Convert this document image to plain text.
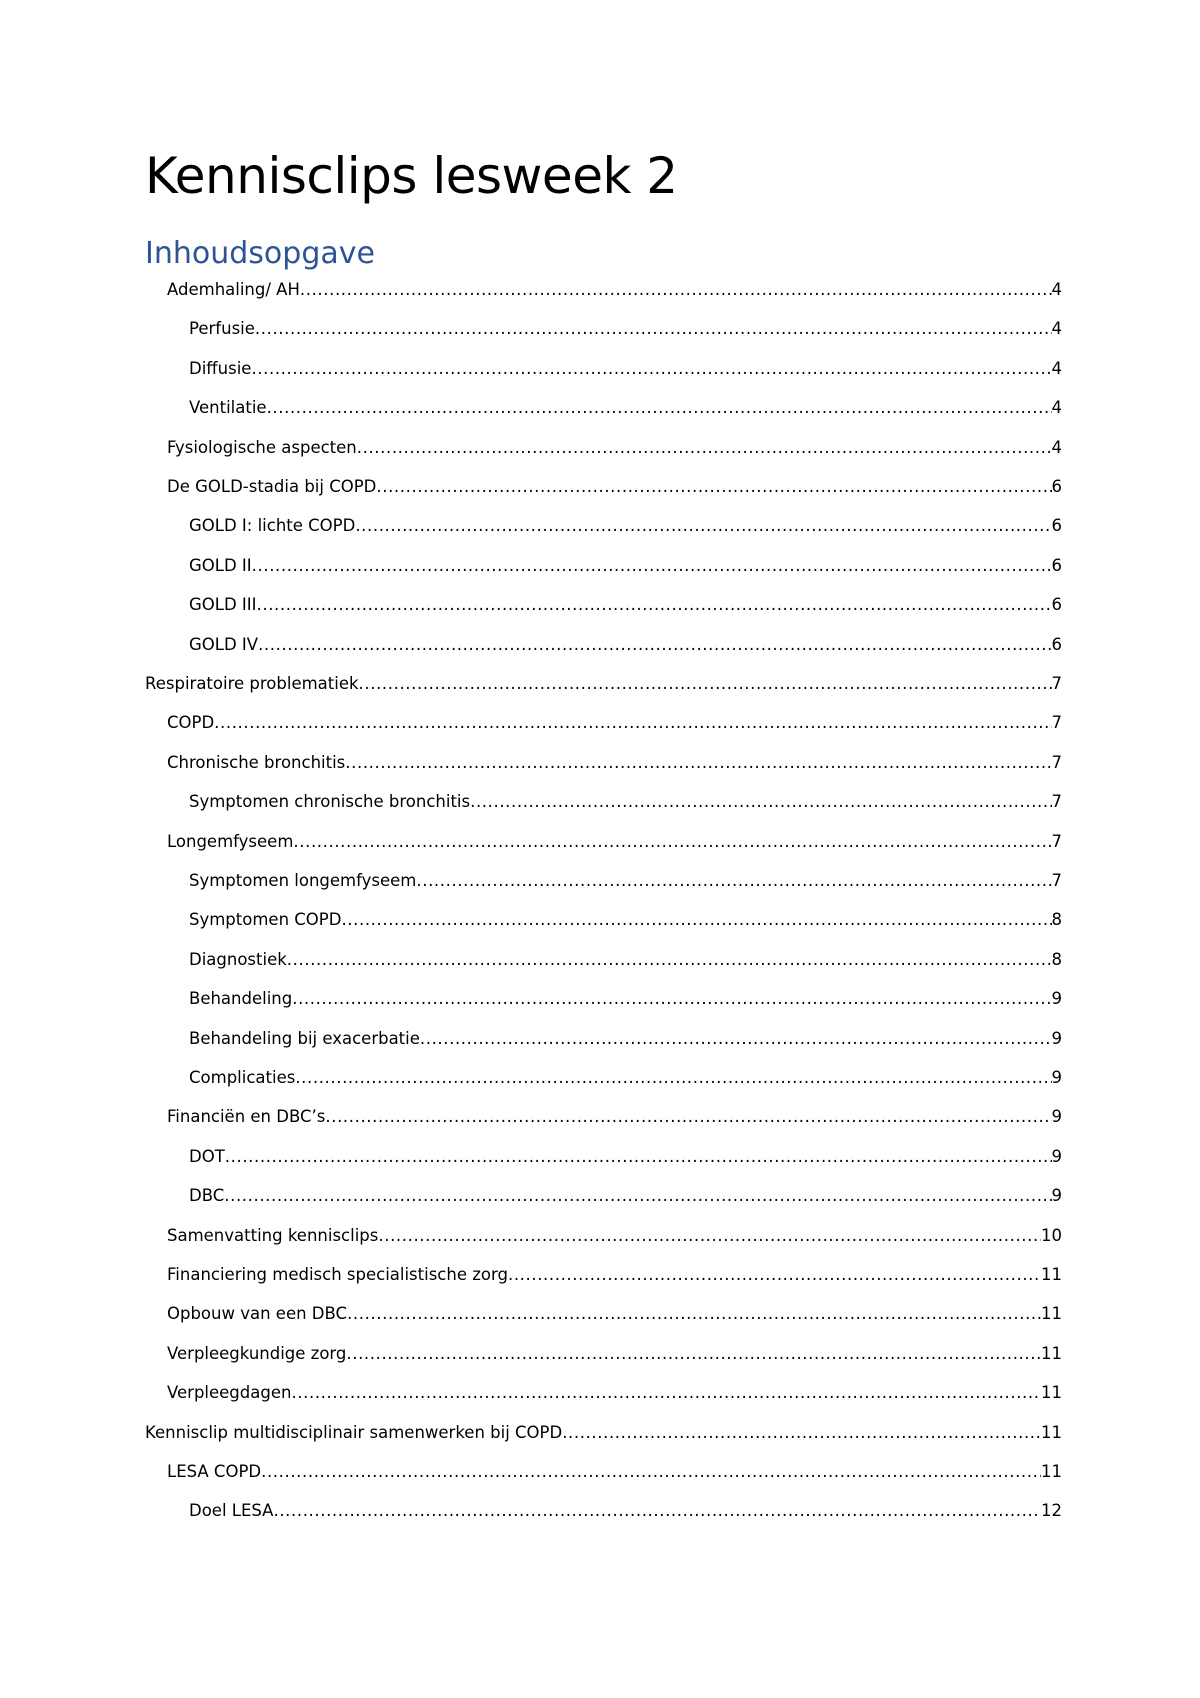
Kennisclips lesweek 2
Inhoudsopgave
Ademhaling/ AH .....	4
Perfusie .....	4
Diffusie .....	4
Ventilatie .....	4
Fysiologische aspecten .....	4
De GOLD-stadia bij COPD .....	6
GOLD I: lichte COPD .....	6
GOLD II .....	6
GOLD III .....	6
GOLD IV .....	6
Respiratoire problematiek .....	7
COPD .....	7
Chronische bronchitis .....	7
Symptomen chronische bronchitis .....	7
Longemfyseem .....	7
Symptomen longemfyseem .....	7
Symptomen COPD .....	8
Diagnostiek .....	8
Behandeling .....	9
Behandeling bij exacerbatie .....	9
Complicaties .....	9
Financiën en DBC’s .....	9
DOT .....	9
DBC .....	9
Samenvatting kennisclips .....	10
Financiering medisch specialistische zorg .....	11
Opbouw van een DBC .....	11
Verpleegkundige zorg .....	11
Verpleegdagen .....	11
Kennisclip multidisciplinair samenwerken bij COPD .....	11
LESA COPD .....	11
Doel LESA .....	12
